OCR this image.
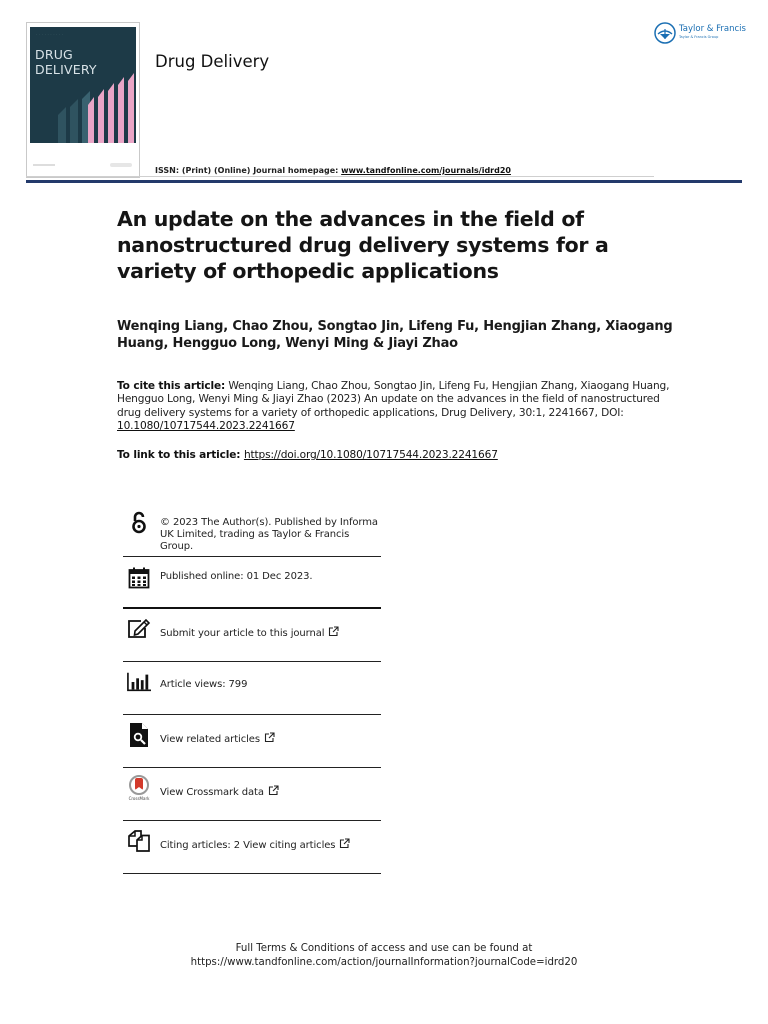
· · · · · · · · · ·
DRUG
DELIVERY	Drug Delivery
ISSN: (Print) (Online) Journal homepage: www.tandfonline.com/journals/idrd20
Taylor & Francis
Taylor & Francis Group
An update on the advances in the field of nanostructured drug delivery systems for a variety of orthopedic applications
Wenqing Liang, Chao Zhou, Songtao Jin, Lifeng Fu, Hengjian Zhang, Xiaogang Huang, Hengguo Long, Wenyi Ming & Jiayi Zhao

To cite this article: Wenqing Liang, Chao Zhou, Songtao Jin, Lifeng Fu, Hengjian Zhang, Xiaogang Huang, Hengguo Long, Wenyi Ming & Jiayi Zhao (2023) An update on the advances in the field of nanostructured drug delivery systems for a variety of orthopedic applications, Drug Delivery, 30:1, 2241667, DOI: 10.1080/10717544.2023.2241667

To link to this article: https://doi.org/10.1080/10717544.2023.2241667

© 2023 The Author(s). Published by Informa UK Limited, trading as Taylor & Francis Group.
Published online: 01 Dec 2023.
Submit your article to this journal
Article views: 799
View related articles
CrossMark
View Crossmark data
Citing articles: 2 View citing articles
Full Terms & Conditions of access and use can be found at
https://www.tandfonline.com/action/journalInformation?journalCode=idrd20
